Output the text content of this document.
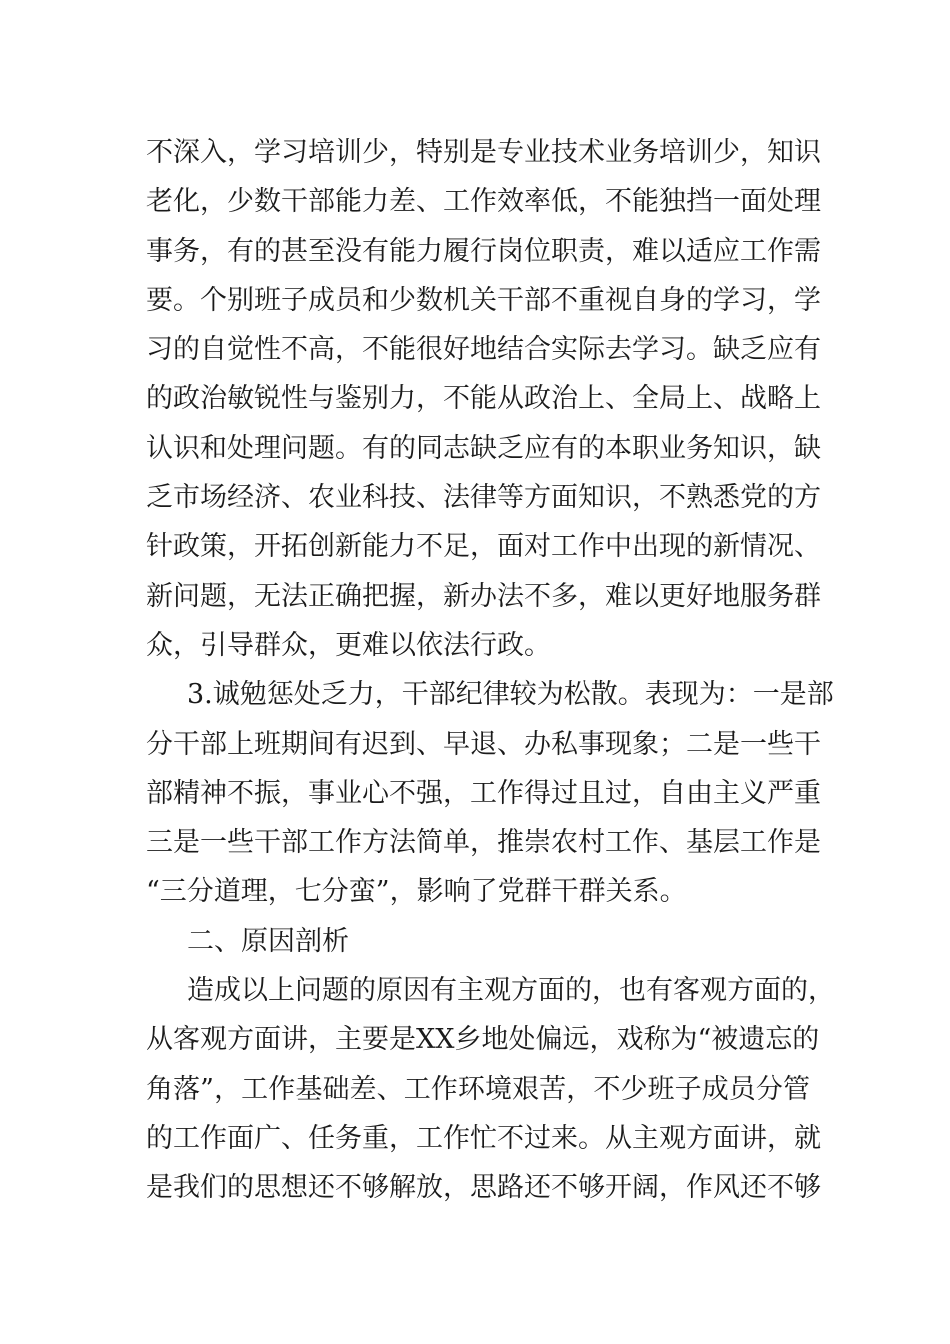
不深入，学习培训少，特别是专业技术业务培训少，知识
老化，少数干部能力差、工作效率低，不能独挡一面处理
事务，有的甚至没有能力履行岗位职责，难以适应工作需
要。个别班子成员和少数机关干部不重视自身的学习，学
习的自觉性不高，不能很好地结合实际去学习。缺乏应有
的政治敏锐性与鉴别力，不能从政治上、全局上、战略上
认识和处理问题。有的同志缺乏应有的本职业务知识，缺
乏市场经济、农业科技、法律等方面知识，不熟悉党的方
针政策，开拓创新能力不足，面对工作中出现的新情况、
新问题，无法正确把握，新办法不多，难以更好地服务群
众，引导群众，更难以依法行政。
3.诚勉惩处乏力，干部纪律较为松散。表现为：一是部
分干部上班期间有迟到、早退、办私事现象；二是一些干
部精神不振，事业心不强，工作得过且过，自由主义严重
三是一些干部工作方法简单，推崇农村工作、基层工作是
“三分道理，七分蛮”，影响了党群干群关系。
二、原因剖析
造成以上问题的原因有主观方面的，也有客观方面的，
从客观方面讲，主要是XX乡地处偏远，戏称为“被遗忘的
角落”，工作基础差、工作环境艰苦，不少班子成员分管
的工作面广、任务重，工作忙不过来。从主观方面讲，就
是我们的思想还不够解放，思路还不够开阔，作风还不够
